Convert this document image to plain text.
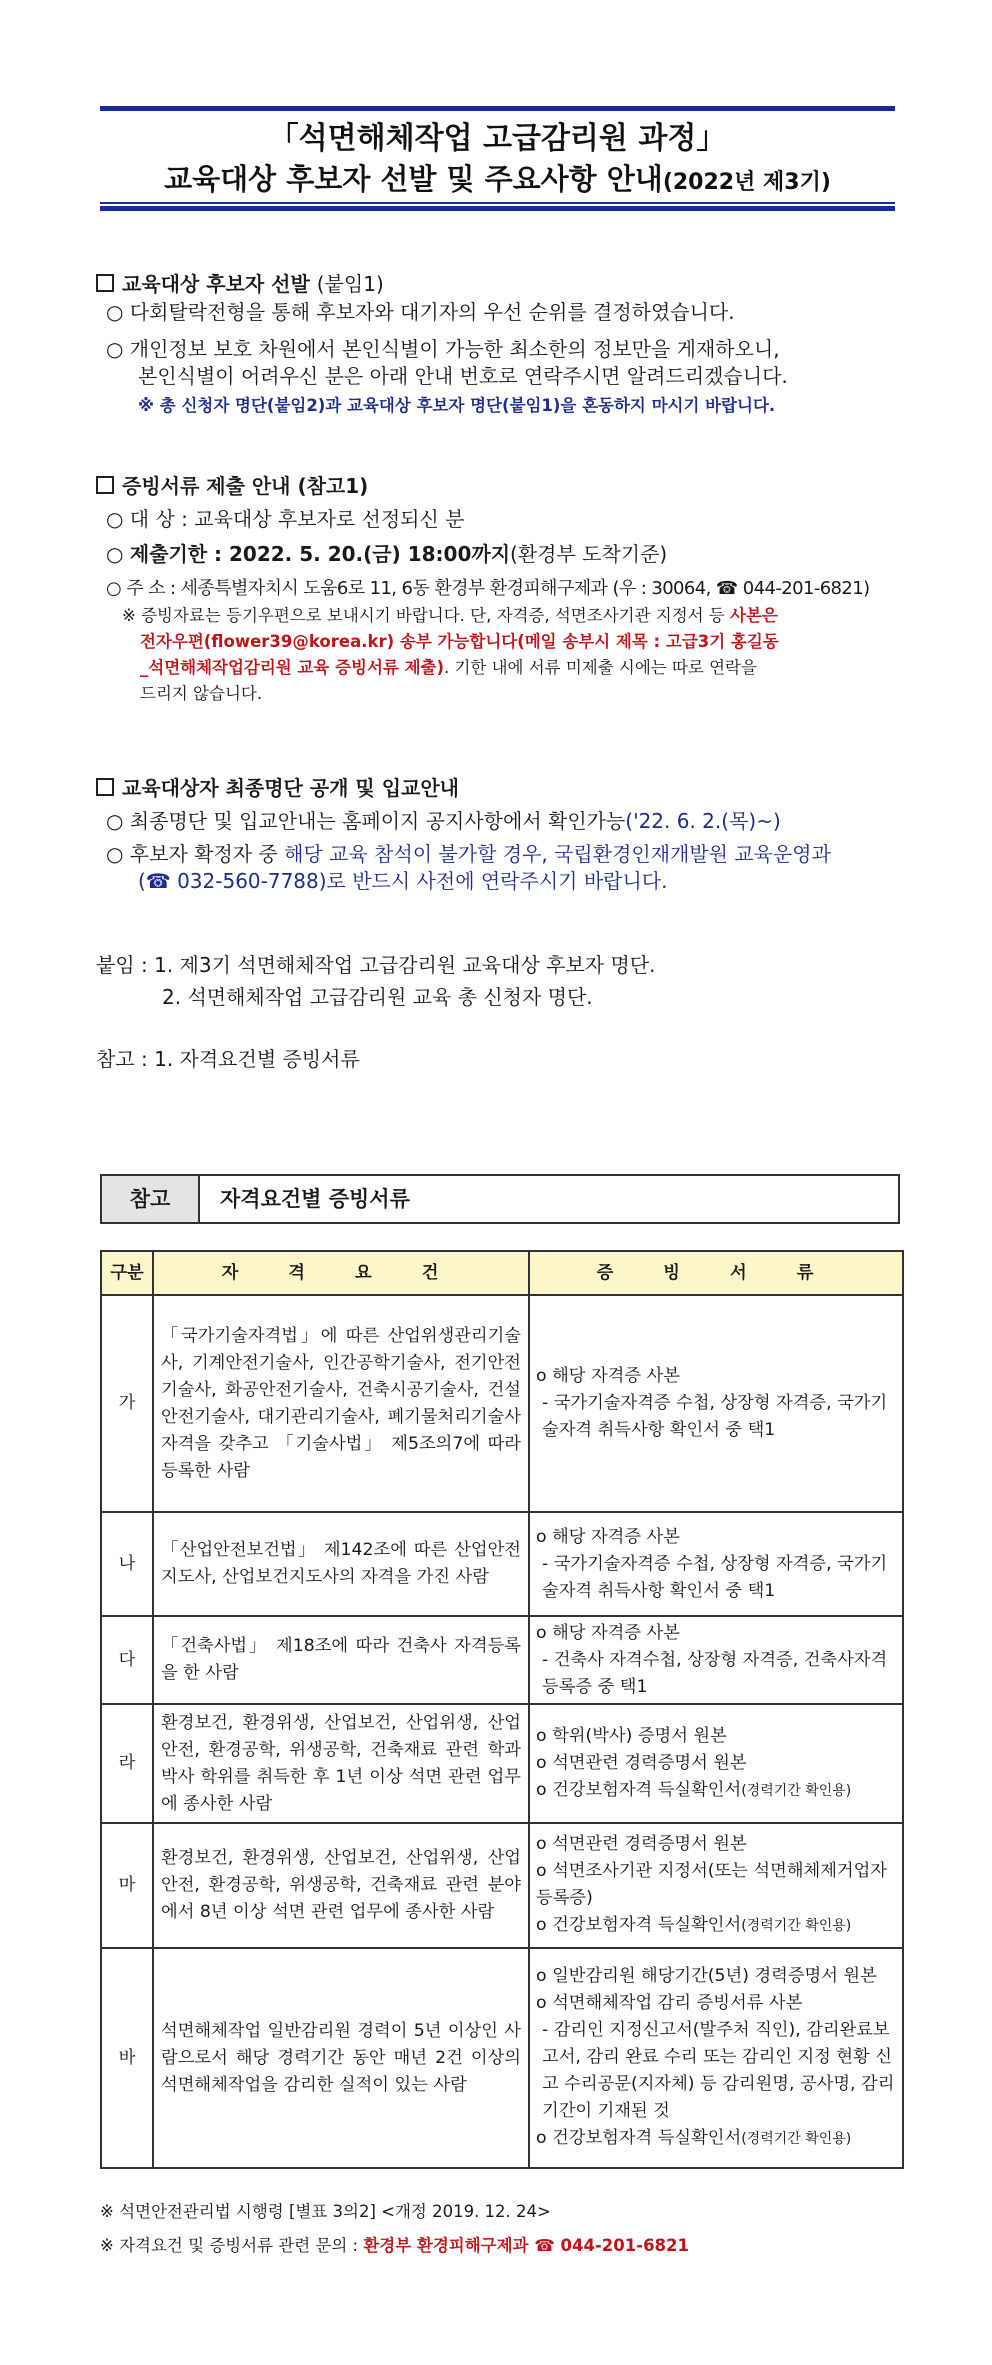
「석면해체작업 고급감리원 과정」
교육대상 후보자 선발 및 주요사항 안내(2022년 제3기)
교육대상 후보자 선발 (붙임1)
○ 다회탈락전형을 통해 후보자와 대기자의 우선 순위를 결정하였습니다.
○ 개인정보 보호 차원에서 본인식별이 가능한 최소한의 정보만을 게재하오니,
본인식별이 어려우신 분은 아래 안내 번호로 연락주시면 알려드리겠습니다.
※ 총 신청자 명단(붙임2)과 교육대상 후보자 명단(붙임1)을 혼동하지 마시기 바랍니다.
증빙서류 제출 안내 (참고1)
○ 대 상 : 교육대상 후보자로 선정되신 분
○ 제출기한 : 2022. 5. 20.(금) 18:00까지(환경부 도착기준)
○ 주 소 : 세종특별자치시 도움6로 11, 6동 환경부 환경피해구제과 (우 : 30064, ☎ 044-201-6821)
※ 증빙자료는 등기우편으로 보내시기 바랍니다. 단, 자격증, 석면조사기관 지정서 등 사본은
전자우편(flower39@korea.kr) 송부 가능합니다(메일 송부시 제목 : 고급3기 홍길동
_석면해체작업감리원 교육 증빙서류 제출). 기한 내에 서류 미제출 시에는 따로 연락을
드리지 않습니다.
교육대상자 최종명단 공개 및 입교안내
○ 최종명단 및 입교안내는 홈페이지 공지사항에서 확인가능('22. 6. 2.(목)~)
○ 후보자 확정자 중 해당 교육 참석이 불가할 경우, 국립환경인재개발원 교육운영과
(☎ 032-560-7788)로 반드시 사전에 연락주시기 바랍니다.
붙임 : 1. 제3기 석면해체작업 고급감리원 교육대상 후보자 명단.
2. 석면해체작업 고급감리원 교육 총 신청자 명단.
참고 : 1. 자격요건별 증빙서류
참고	자격요건별 증빙서류
구분	자 격 요 건	증 빙 서 류
가	「국가기술자격법」에 따른 산업위생관리기술사, 기계안전기술사, 인간공학기술사, 전기안전기술사, 화공안전기술사, 건축시공기술사, 건설안전기술사, 대기관리기술사, 폐기물처리기술사 자격을 갖추고 「기술사법」 제5조의7에 따라 등록한 사람	o 해당 자격증 사본
- 국가기술자격증 수첩, 상장형 자격증, 국가기술자격 취득사항 확인서 중 택1

나	「산업안전보건법」 제142조에 따른 산업안전지도사, 산업보건지도사의 자격을 가진 사람	o 해당 자격증 사본
- 국가기술자격증 수첩, 상장형 자격증, 국가기술자격 취득사항 확인서 중 택1

다	「건축사법」 제18조에 따라 건축사 자격등록을 한 사람	o 해당 자격증 사본
- 건축사 자격수첩, 상장형 자격증, 건축사자격 등록증 중 택1

라	환경보건, 환경위생, 산업보건, 산업위생, 산업안전, 환경공학, 위생공학, 건축재료 관련 학과 박사 학위를 취득한 후 1년 이상 석면 관련 업무에 종사한 사람	o 학위(박사) 증명서 원본
o 석면관련 경력증명서 원본
o 건강보험자격 득실확인서(경력기간 확인용)

마	환경보건, 환경위생, 산업보건, 산업위생, 산업안전, 환경공학, 위생공학, 건축재료 관련 분야에서 8년 이상 석면 관련 업무에 종사한 사람	o 석면관련 경력증명서 원본
o 석면조사기관 지정서(또는 석면해체제거업자 등록증)
o 건강보험자격 득실확인서(경력기간 확인용)

바	석면해체작업 일반감리원 경력이 5년 이상인 사람으로서 해당 경력기간 동안 매년 2건 이상의 석면해체작업을 감리한 실적이 있는 사람	o 일반감리원 해당기간(5년) 경력증명서 원본
o 석면해체작업 감리 증빙서류 사본
- 감리인 지정신고서(발주처 직인), 감리완료보고서, 감리 완료 수리 또는 감리인 지정 현황 신고 수리공문(지자체) 등 감리원명, 공사명, 감리 기간이 기재된 것
o 건강보험자격 득실확인서(경력기간 확인용)
※ 석면안전관리법 시행령 [별표 3의2] <개정 2019. 12. 24>
※ 자격요건 및 증빙서류 관련 문의 : 환경부 환경피해구제과 ☎ 044-201-6821
